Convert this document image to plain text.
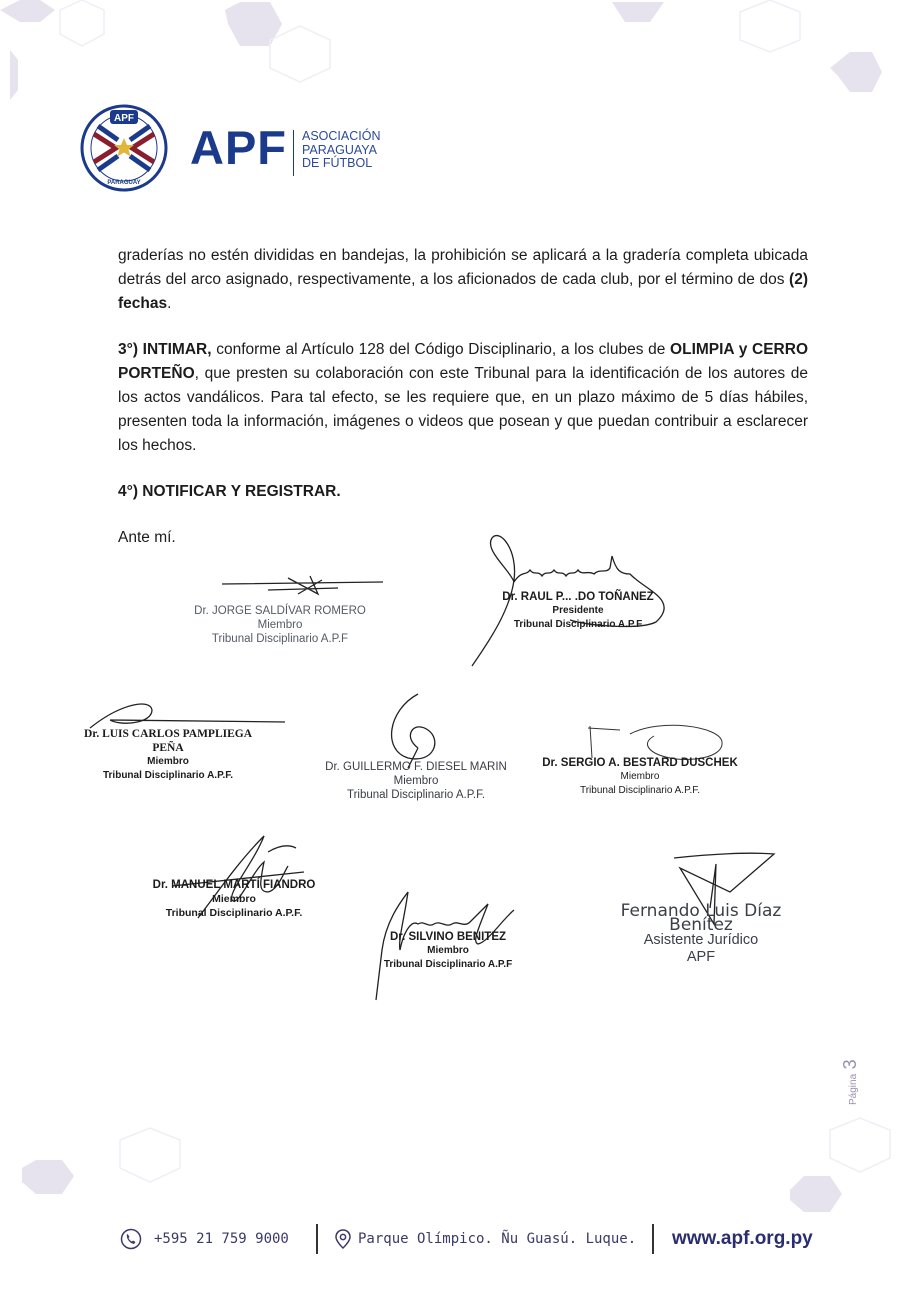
APF
PARAGUAY
APF ASOCIACIÓN
PARAGUAYA
DE FÚTBOL

graderías no estén divididas en bandejas, la prohibición se aplicará a la gradería completa ubicada detrás del arco asignado, respectivamente, a los aficionados de cada club, por el término de dos (2) fechas.

3°) INTIMAR, conforme al Artículo 128 del Código Disciplinario, a los clubes de OLIMPIA y CERRO PORTEÑO, que presten su colaboración con este Tribunal para la identificación de los autores de los actos vandálicos. Para tal efecto, se les requiere que, en un plazo máximo de 5 días hábiles, presenten toda la información, imágenes o videos que posean y que puedan contribuir a esclarecer los hechos.

4°) NOTIFICAR Y REGISTRAR.

Ante mí.

Dr. JORGE SALDÍVAR ROMERO
Miembro
Tribunal Disciplinario A.P.F
Dr. RAUL P... .DO TOÑANEZ
Presidente
Tribunal Disciplinario A.P.F
Dr. LUIS CARLOS PAMPLIEGA PEÑA
Miembro
Tribunal Disciplinario A.P.F.
Dr. GUILLERMO F. DIESEL MARIN
Miembro
Tribunal Disciplinario A.P.F.
Dr. SERGIO A. BESTARD DUSCHEK
Miembro
Tribunal Disciplinario A.P.F.
Dr. MANUEL MARTÍ FIANDRO
Miembro
Tribunal Disciplinario A.P.F.
Dr. SILVINO BENITEZ
Miembro
Tribunal Disciplinario A.P.F
Fernando Luis Díaz Benítez
Asistente Jurídico
APF
Página 3
+595 21 759 9000	Parque Olímpico. Ñu Guasú. Luque. www.apf.org.py
